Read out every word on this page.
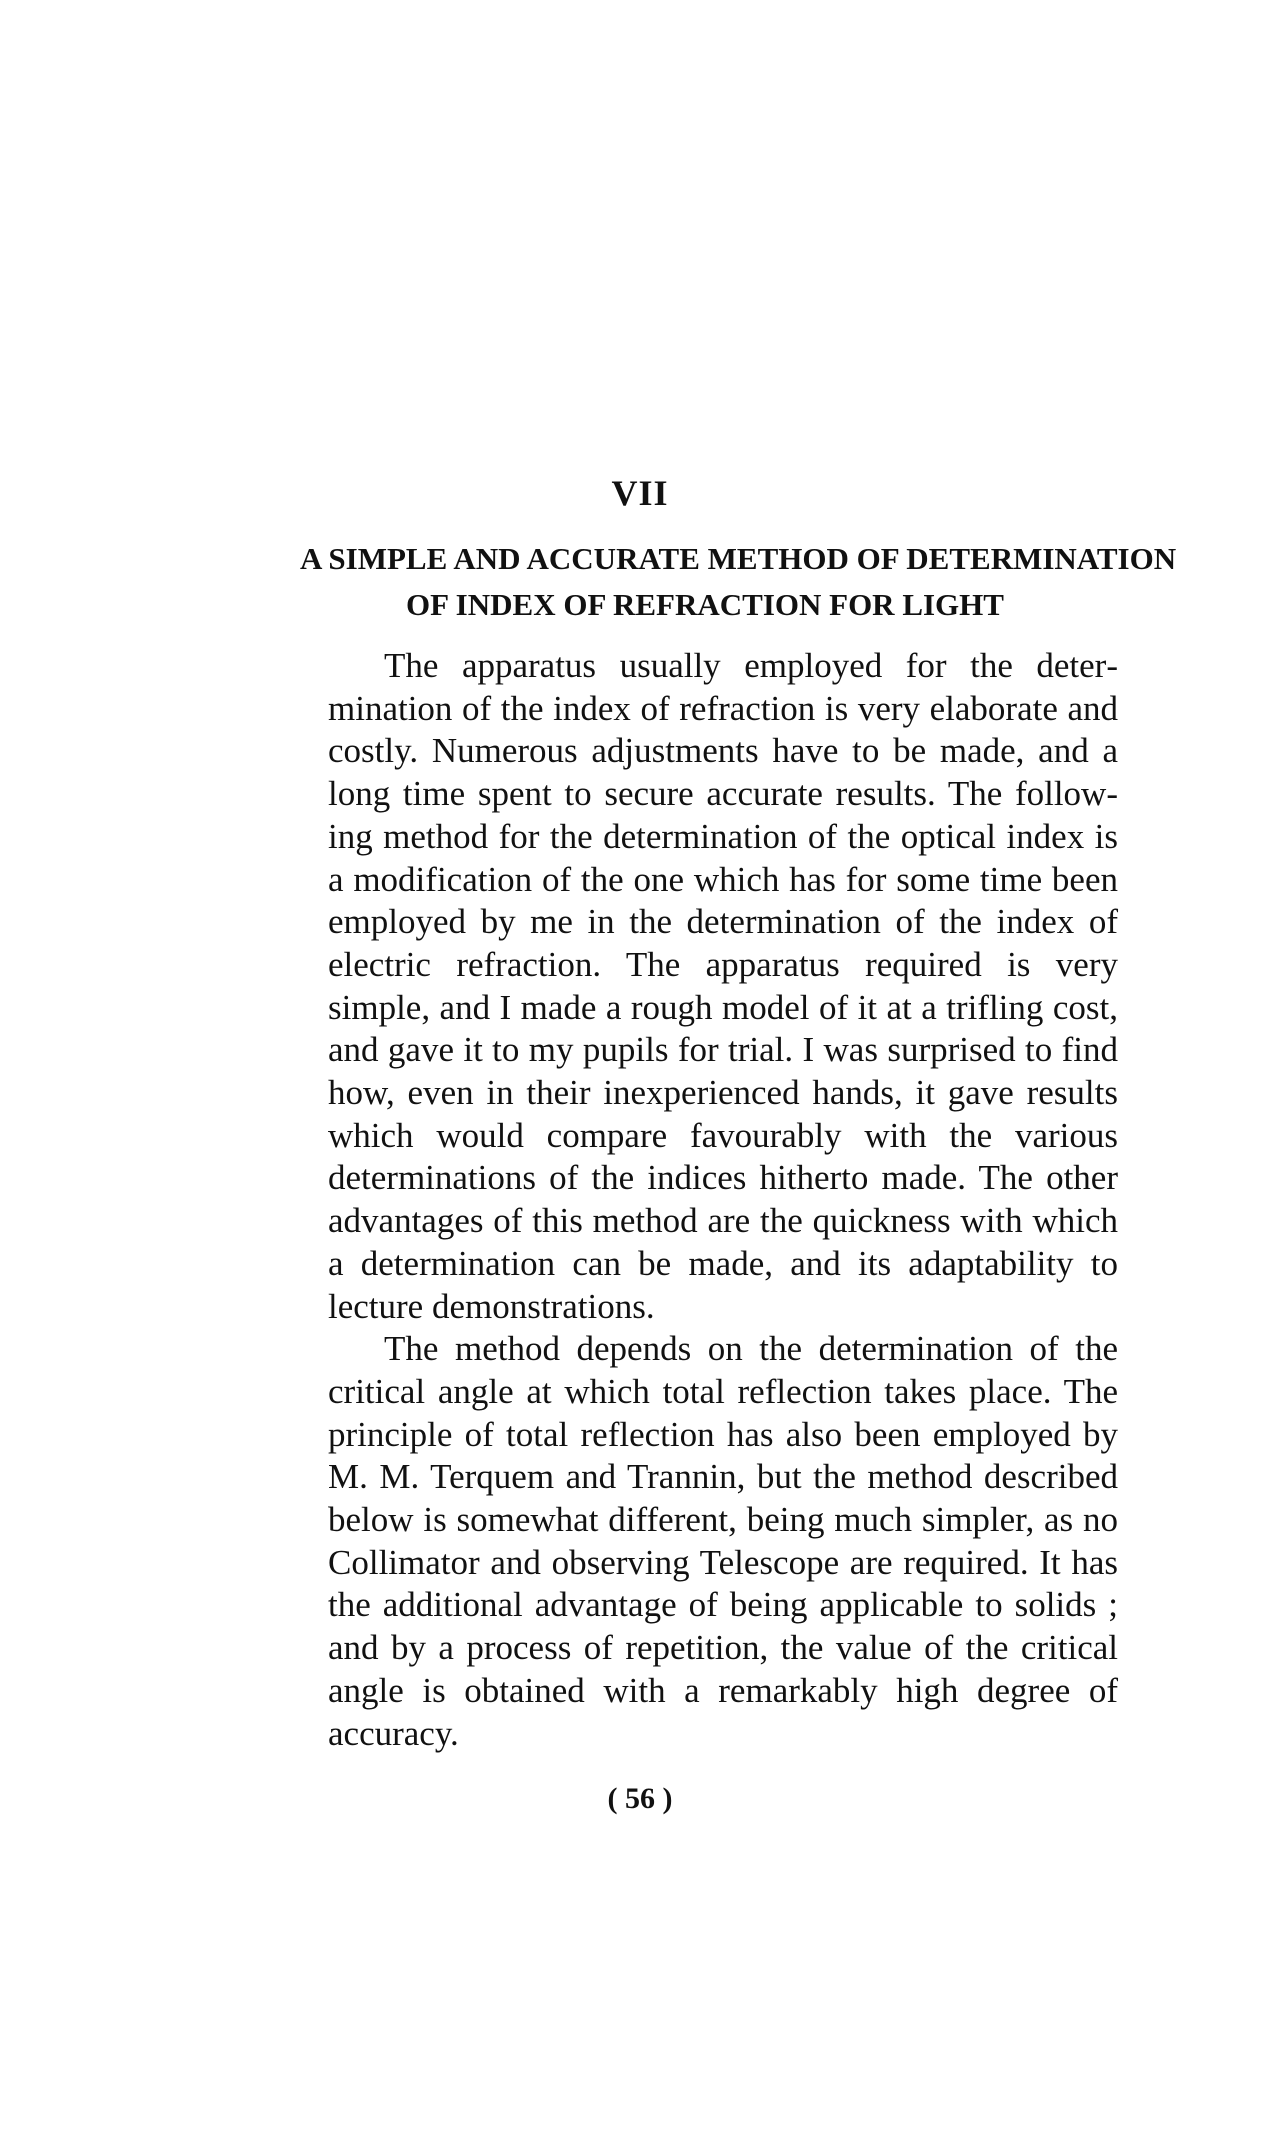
VII
A SIMPLE AND ACCURATE METHOD OF DETERMINATION
OF INDEX OF REFRACTION FOR LIGHT

The apparatus usually employed for the determination of the index of refraction is very elaborate and costly. Numerous adjustments have to be made, and a long time spent to secure accurate results. The following method for the determination of the optical index is a modification of the one which has for some time been employed by me in the determination of the index of electric refraction. The apparatus required is very simple, and I made a rough model of it at a trifling cost, and gave it to my pupils for trial. I was surprised to find how, even in their inexperienced hands, it gave results which would compare favourably with the various determinations of the indices hitherto made. The other advantages of this method are the quickness with which a determination can be made, and its adaptability to lecture demonstrations.

The method depends on the determination of the critical angle at which total reflection takes place. The principle of total reflection has also been employed by M. M. Terquem and Trannin, but the method described below is somewhat different, being much simpler, as no Collimator and observing Telescope are required. It has the additional advantage of being applicable to solids ; and by a process of repetition, the value of the critical angle is obtained with a remarkably high degree of accuracy.

( 56 )
